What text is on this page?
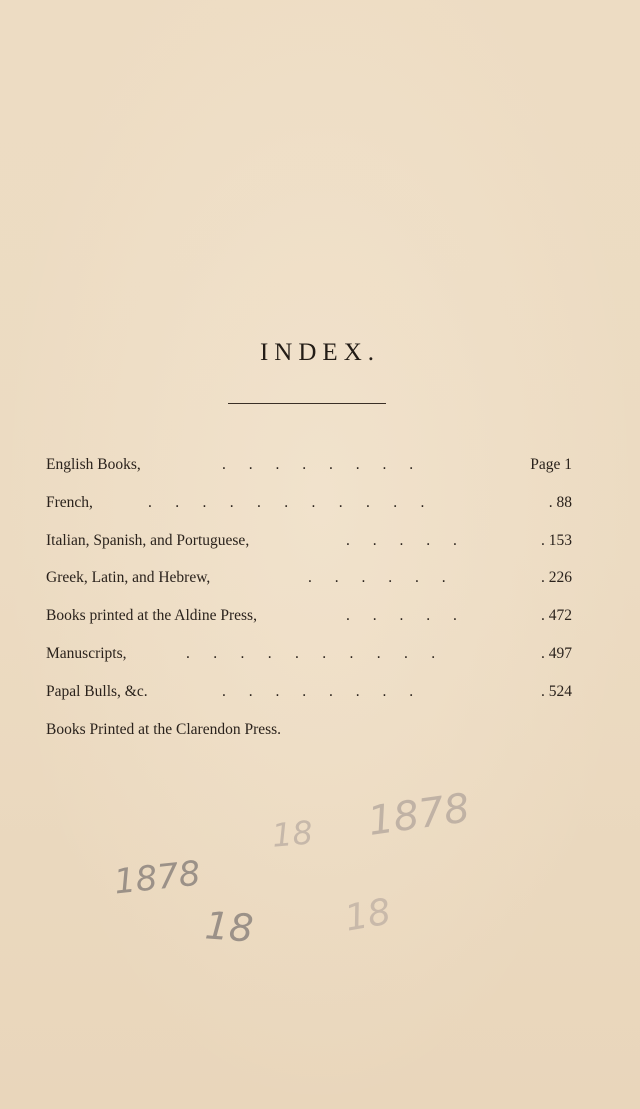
INDEX.
English Books,	. . . . . . . .	Page 1
French,	. . . . . . . . . . .	. 88
Italian, Spanish, and Portuguese,	. . . . .	. 153
Greek, Latin, and Hebrew,	. . . . . .	. 226
Books printed at the Aldine Press,	. . . . .	. 472
Manuscripts,	. . . . . . . . . .	. 497
Papal Bulls, &c.	. . . . . . . .	. 524
Books Printed at the Clarendon Press.
1878
1878
18
18 18
